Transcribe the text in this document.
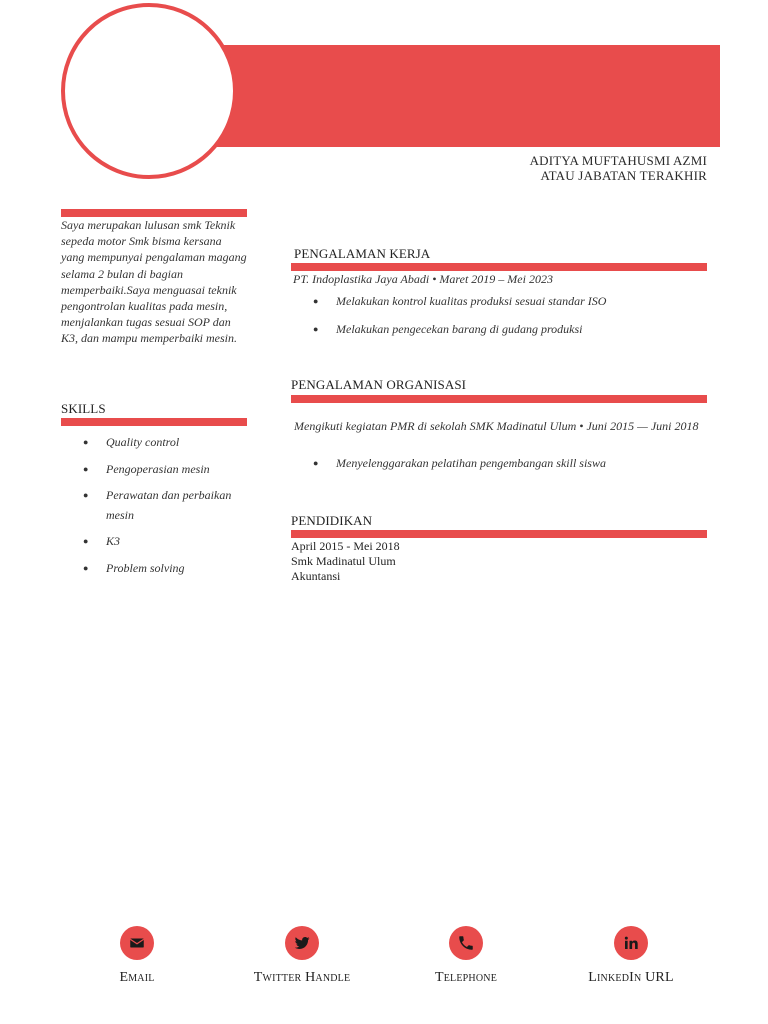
ADITYA MUFTAHUSMI AZMI
ATAU JABATAN TERAKHIR

Saya merupakan lulusan smk Teknik sepeda motor Smk bisma kersana yang mempunyai pengalaman magang selama 2 bulan di bagian memperbaiki.Saya menguasai teknik pengontrolan kualitas pada mesin, menjalankan tugas sesuai SOP dan K3, dan mampu memperbaiki mesin.

SKILLS
● Quality control
● Pengoperasian mesin
● Perawatan dan perbaikan mesin
● K3
● Problem solving
PENGALAMAN KERJA
PT. Indoplastika Jaya Abadi • Maret 2019 – Mei 2023
● Melakukan kontrol kualitas produksi sesuai standar ISO
● Melakukan pengecekan barang di gudang produksi
PENGALAMAN ORGANISASI
Mengikuti kegiatan PMR di sekolah SMK Madinatul Ulum • Juni 2015 — Juni 2018
● Menyelenggarakan pelatihan pengembangan skill siswa
PENDIDIKAN
April 2015 - Mei 2018
Smk Madinatul Ulum
Akuntansi
Email	Twitter Handle	Telephone	LinkedIn URL
